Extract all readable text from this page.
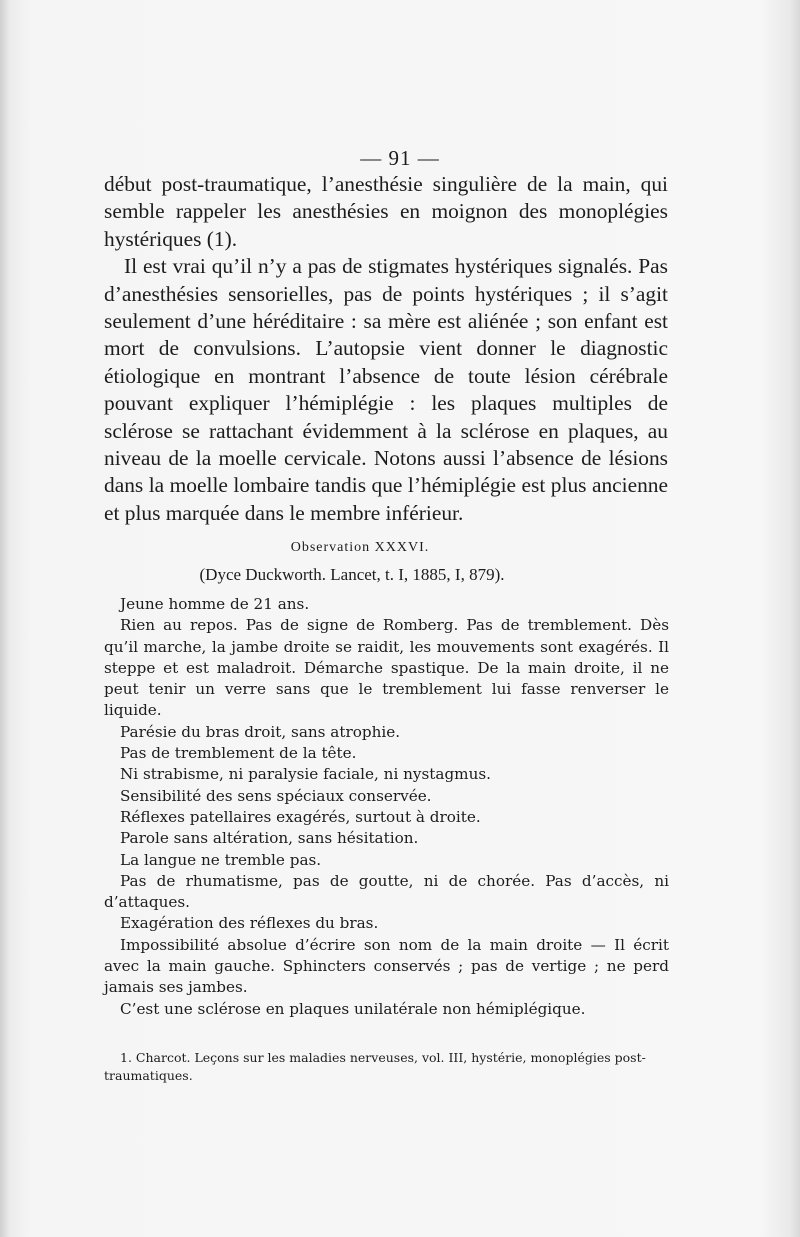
— 91 —

début post-traumatique, l’anesthésie singulière de la main, qui semble rappeler les anesthésies en moignon des monoplégies hystériques (1).

Il est vrai qu’il n’y a pas de stigmates hystériques signalés. Pas d’anesthésies sensorielles, pas de points hystériques ; il s’agit seulement d’une héréditaire : sa mère est aliénée ; son enfant est mort de convulsions. L’autopsie vient donner le diagnostic étiologique en montrant l’absence de toute lésion cérébrale pouvant expliquer l’hémiplégie : les plaques multiples de sclérose se rattachant évidemment à la sclérose en plaques, au niveau de la moelle cervicale. Notons aussi l’absence de lésions dans la moelle lombaire tandis que l’hémiplégie est plus ancienne et plus marquée dans le membre inférieur.

Observation XXXVI.
(Dyce Duckworth. Lancet, t. I, 1885, I, 879).

Jeune homme de 21 ans.

Rien au repos. Pas de signe de Romberg. Pas de tremblement. Dès qu’il marche, la jambe droite se raidit, les mouvements sont exagérés. Il steppe et est maladroit. Démarche spastique. De la main droite, il ne peut tenir un verre sans que le tremblement lui fasse renverser le liquide.

Parésie du bras droit, sans atrophie.

Pas de tremblement de la tête.

Ni strabisme, ni paralysie faciale, ni nystagmus.

Sensibilité des sens spéciaux conservée.

Réflexes patellaires exagérés, surtout à droite.

Parole sans altération, sans hésitation.

La langue ne tremble pas.

Pas de rhumatisme, pas de goutte, ni de chorée. Pas d’accès, ni d’attaques.

Exagération des réflexes du bras.

Impossibilité absolue d’écrire son nom de la main droite — Il écrit avec la main gauche. Sphincters conservés ; pas de vertige ; ne perd jamais ses jambes.

C’est une sclérose en plaques unilatérale non hémiplégique.

1. Charcot. Leçons sur les maladies nerveuses, vol. III, hystérie, monoplégies post-traumatiques.
